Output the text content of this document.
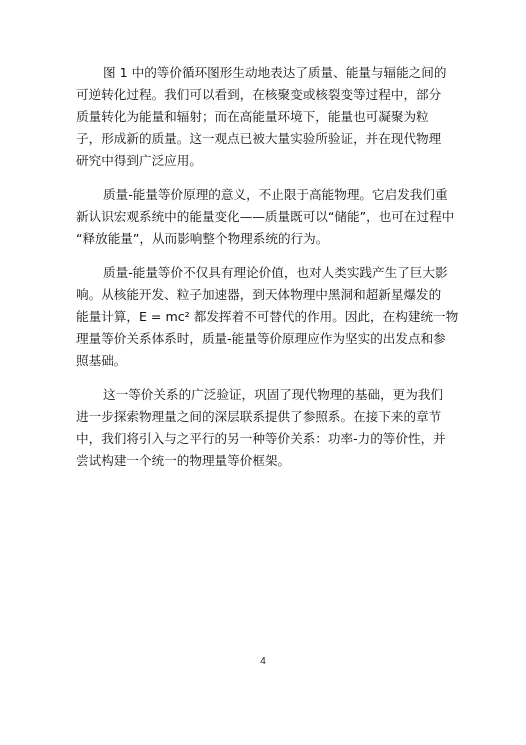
图 1 中的等价循环图形生动地表达了质量、能量与辐能之间的
可逆转化过程。我们可以看到，在核聚变或核裂变等过程中，部分
质量转化为能量和辐射；而在高能量环境下，能量也可凝聚为粒
子，形成新的质量。这一观点已被大量实验所验证，并在现代物理
研究中得到广泛应用。

质量-能量等价原理的意义，不止限于高能物理。它启发我们重
新认识宏观系统中的能量变化——质量既可以“储能”，也可在过程中
“释放能量”，从而影响整个物理系统的行为。

质量-能量等价不仅具有理论价值，也对人类实践产生了巨大影
响。从核能开发、粒子加速器，到天体物理中黑洞和超新星爆发的
能量计算，E = mc² 都发挥着不可替代的作用。因此，在构建统一物
理量等价关系体系时，质量-能量等价原理应作为坚实的出发点和参
照基础。

这一等价关系的广泛验证，巩固了现代物理的基础，更为我们
进一步探索物理量之间的深层联系提供了参照系。在接下来的章节
中，我们将引入与之平行的另一种等价关系：功率-力的等价性，并
尝试构建一个统一的物理量等价框架。

4
